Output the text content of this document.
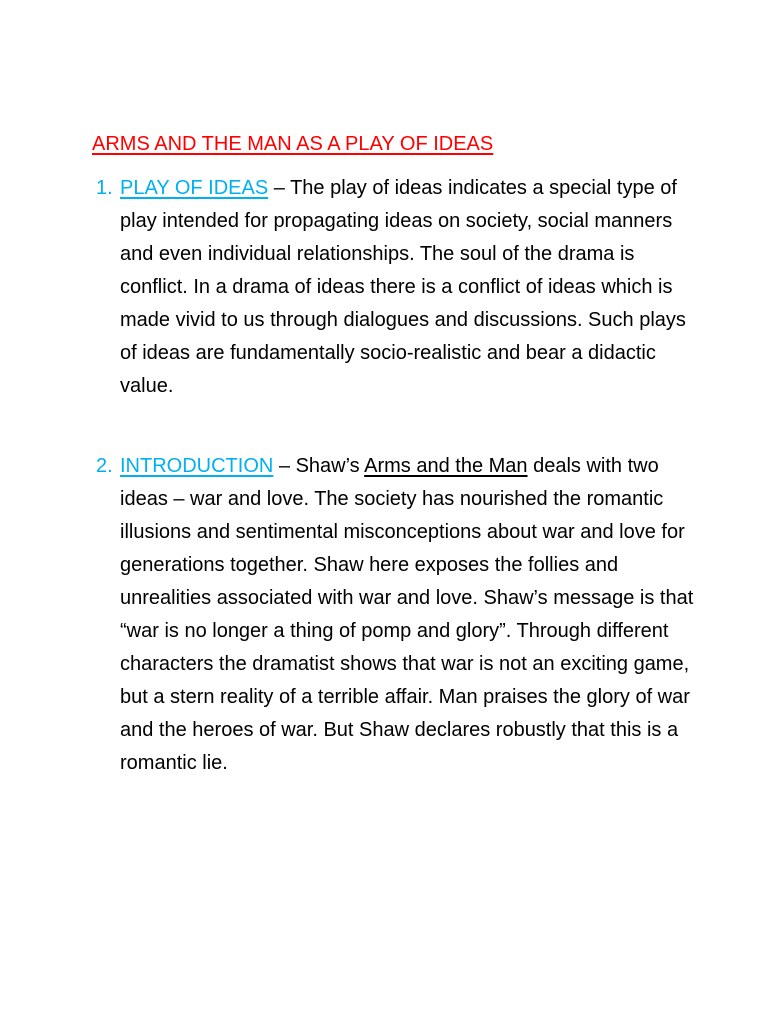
ARMS AND THE MAN AS A PLAY OF IDEAS
1. PLAY OF IDEAS – The play of ideas indicates a special type of play intended for propagating ideas on society, social manners and even individual relationships. The soul of the drama is conflict. In a drama of ideas there is a conflict of ideas which is made vivid to us through dialogues and discussions. Such plays of ideas are fundamentally socio-realistic and bear a didactic value.
2. INTRODUCTION – Shaw’s Arms and the Man deals with two ideas – war and love. The society has nourished the romantic illusions and sentimental misconceptions about war and love for generations together. Shaw here exposes the follies and unrealities associated with war and love. Shaw’s message is that “war is no longer a thing of pomp and glory”. Through different characters the dramatist shows that war is not an exciting game, but a stern reality of a terrible affair. Man praises the glory of war and the heroes of war. But Shaw declares robustly that this is a romantic lie.
